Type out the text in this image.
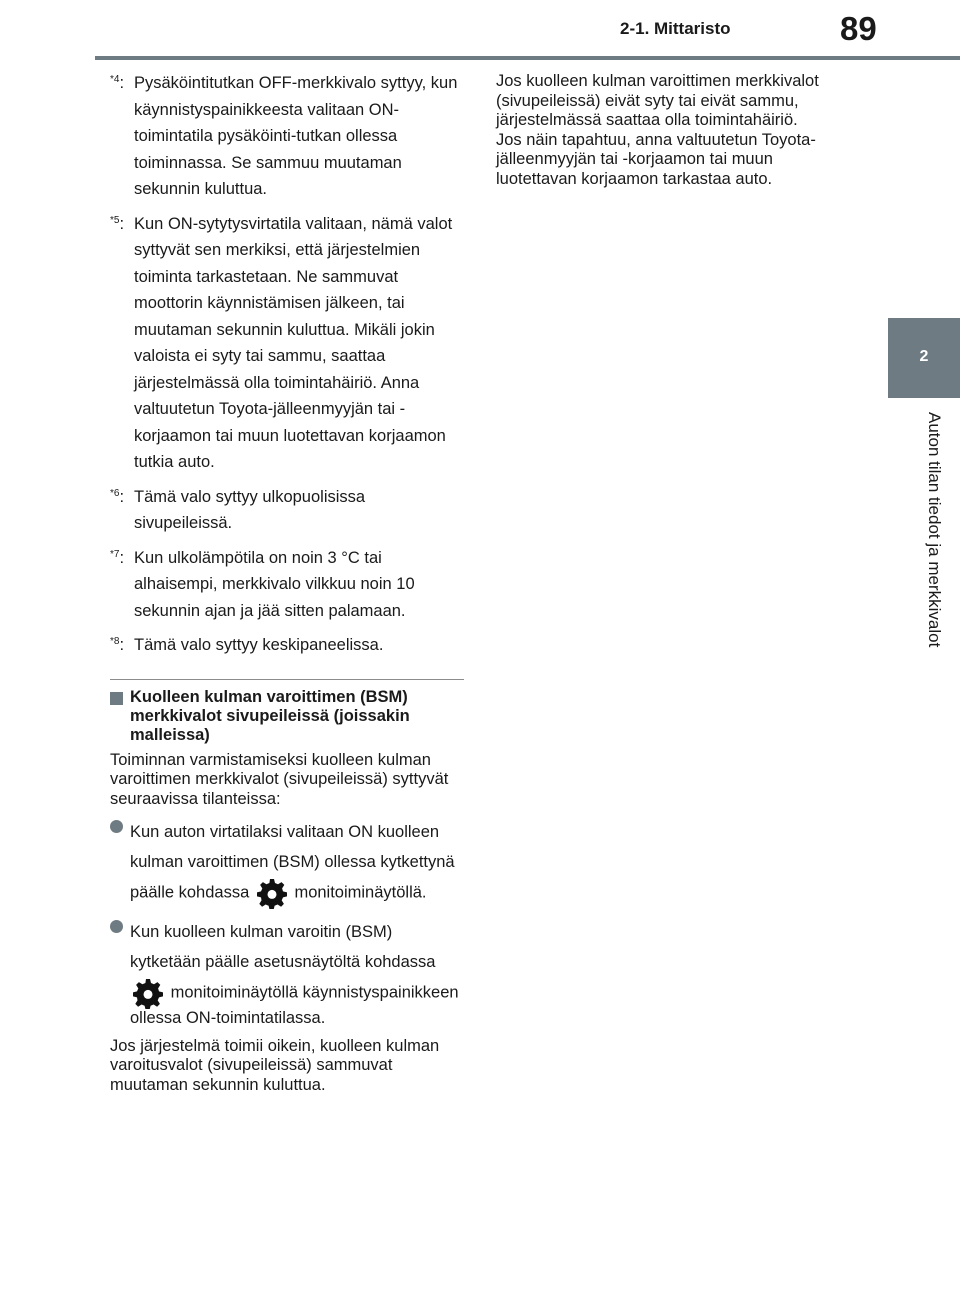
2-1. Mittaristo	89
2
Auton tilan tiedot ja merkkivalot
$^{*4}$: Pysäköintitutkan OFF-merkkivalo syttyy, kun käynnistyspainikkeesta valitaan ON-toimintatila pysäköinti-tutkan ollessa toiminnassa. Se sammuu muutaman sekunnin kuluttua.
$^{*5}$: Kun ON-sytytysvirtatila valitaan, nämä valot syttyvät sen merkiksi, että järjestelmien toiminta tarkastetaan. Ne sammuvat moottorin käynnistämisen jälkeen, tai muutaman sekunnin kuluttua. Mikäli jokin valoista ei syty tai sammu, saattaa järjestelmässä olla toimintahäiriö. Anna valtuutetun Toyota-jälleenmyyjän tai -korjaamon tai muun luotettavan korjaamon tutkia auto.
$^{*6}$: Tämä valo syttyy ulkopuolisissa sivupeileissä.
$^{*7}$: Kun ulkolämpötila on noin 3 °C tai alhaisempi, merkkivalo vilkkuu noin 10 sekunnin ajan ja jää sitten palamaan.
$^{*8}$: Tämä valo syttyy keskipaneelissa.
Kuolleen kulman varoittimen (BSM) merkkivalot sivupeileissä (joissakin malleissa)
Toiminnan varmistamiseksi kuolleen kulman varoittimen merkkivalot (sivupeileissä) syttyvät seuraavissa tilanteissa:
Kun auton virtatilaksi valitaan ON kuolleen kulman varoittimen (BSM) ollessa kytkettynä päälle kohdassa	monitoiminäytöllä.
Kun kuolleen kulman varoitin (BSM) kytketään päälle asetusnäytöltä kohdassa  monitoiminäytöllä käynnistyspainikkeen ollessa ON-toimintatilassa.
Jos järjestelmä toimii oikein, kuolleen kulman varoitusvalot (sivupeileissä) sammuvat muutaman sekunnin kuluttua.
Jos kuolleen kulman varoittimen merkkivalot (sivupeileissä) eivät syty tai eivät sammu, järjestelmässä saattaa olla toimintahäiriö.
Jos näin tapahtuu, anna valtuutetun Toyota-jälleenmyyjän tai -korjaamon tai muun luotettavan korjaamon tarkastaa auto.
